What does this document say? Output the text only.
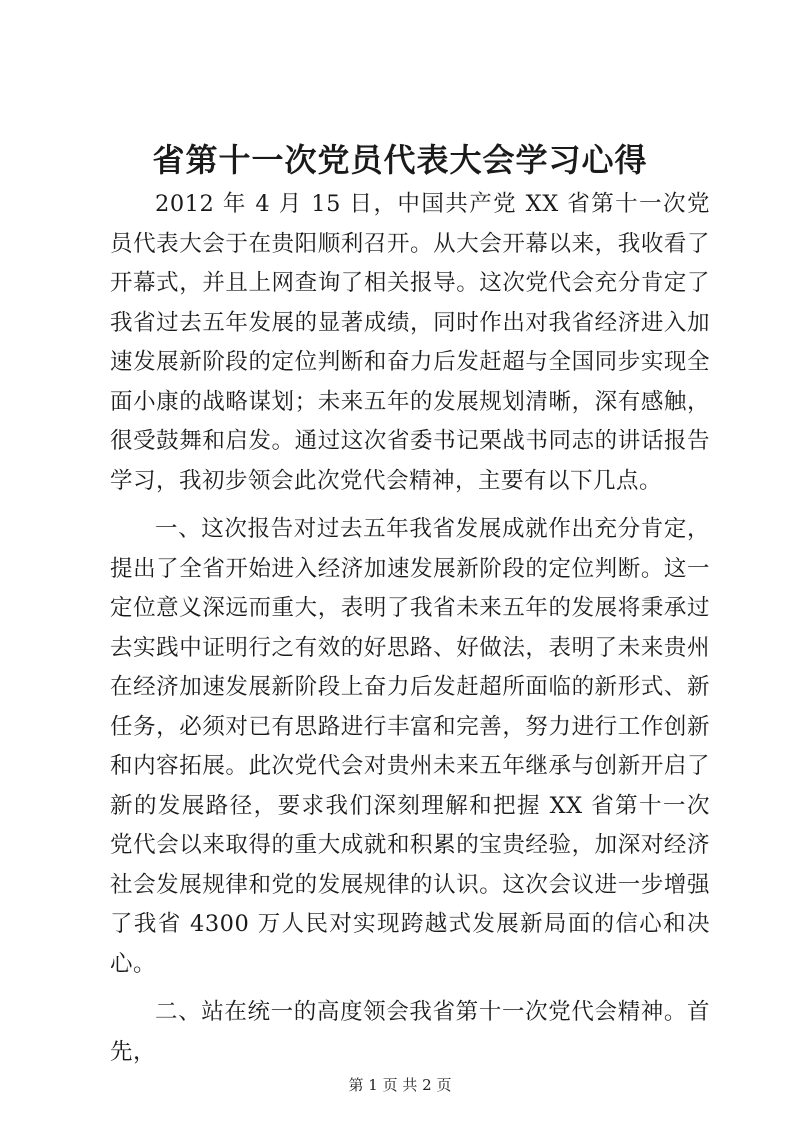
省第十一次党员代表大会学习心得

2012 年 4 月 15 日，中国共产党 XX 省第十一次党员代表大会于在贵阳顺利召开。从大会开幕以来，我收看了开幕式，并且上网查询了相关报导。这次党代会充分肯定了我省过去五年发展的显著成绩，同时作出对我省经济进入加速发展新阶段的定位判断和奋力后发赶超与全国同步实现全面小康的战略谋划；未来五年的发展规划清晰，深有感触，很受鼓舞和启发。通过这次省委书记栗战书同志的讲话报告学习，我初步领会此次党代会精神，主要有以下几点。

一、这次报告对过去五年我省发展成就作出充分肯定，提出了全省开始进入经济加速发展新阶段的定位判断。这一定位意义深远而重大，表明了我省未来五年的发展将秉承过去实践中证明行之有效的好思路、好做法，表明了未来贵州在经济加速发展新阶段上奋力后发赶超所面临的新形式、新任务，必须对已有思路进行丰富和完善，努力进行工作创新和内容拓展。此次党代会对贵州未来五年继承与创新开启了新的发展路径，要求我们深刻理解和把握 XX 省第十一次党代会以来取得的重大成就和积累的宝贵经验，加深对经济社会发展规律和党的发展规律的认识。这次会议进一步增强了我省 4300 万人民对实现跨越式发展新局面的信心和决心。

二、站在统一的高度领会我省第十一次党代会精神。首先，

第 1 页 共 2 页
